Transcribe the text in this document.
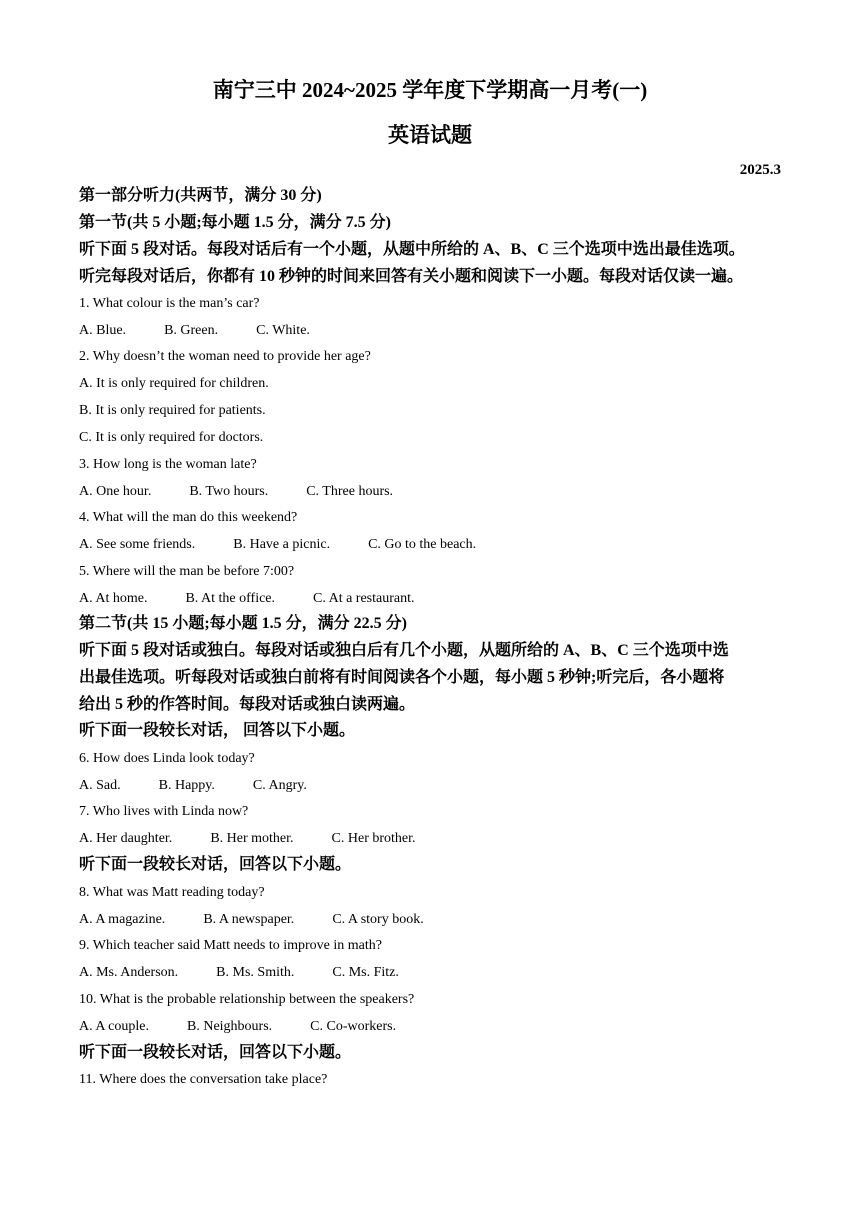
南宁三中 2024~2025 学年度下学期高一月考(一)
英语试题
2025.3
第一部分听力(共两节，满分 30 分)
第一节(共 5 小题;每小题 1.5 分，满分 7.5 分)
听下面 5 段对话。每段对话后有一个小题，从题中所给的 A、B、C 三个选项中选出最佳选项。
听完每段对话后，你都有 10 秒钟的时间来回答有关小题和阅读下一小题。每段对话仅读一遍。
1. What colour is the man’s car?
A. Blue.	B. Green.	C. White.
2. Why doesn’t the woman need to provide her age?
A. It is only required for children.
B. It is only required for patients.
C. It is only required for doctors.
3. How long is the woman late?
A. One hour.	B. Two hours.	C. Three hours.
4. What will the man do this weekend?
A. See some friends.	B. Have a picnic.	C. Go to the beach.
5. Where will the man be before 7:00?
A. At home.	B. At the office.	C. At a restaurant.
第二节(共 15 小题;每小题 1.5 分，满分 22.5 分)
听下面 5 段对话或独白。每段对话或独白后有几个小题，从题所给的 A、B、C 三个选项中选
出最佳选项。听每段对话或独白前将有时间阅读各个小题，每小题 5 秒钟;听完后，各小题将
给出 5 秒的作答时间。每段对话或独白读两遍。
听下面一段较长对话， 回答以下小题。
6. How does Linda look today?
A. Sad.	B. Happy.	C. Angry.
7. Who lives with Linda now?
A. Her daughter.	B. Her mother.	C. Her brother.
听下面一段较长对话，回答以下小题。
8. What was Matt reading today?
A. A magazine.	B. A newspaper.	C. A story book.
9. Which teacher said Matt needs to improve in math?
A. Ms. Anderson.	B. Ms. Smith.	C. Ms. Fitz.
10. What is the probable relationship between the speakers?
A. A couple.	B. Neighbours.	C. Co-workers.
听下面一段较长对话，回答以下小题。
11. Where does the conversation take place?
